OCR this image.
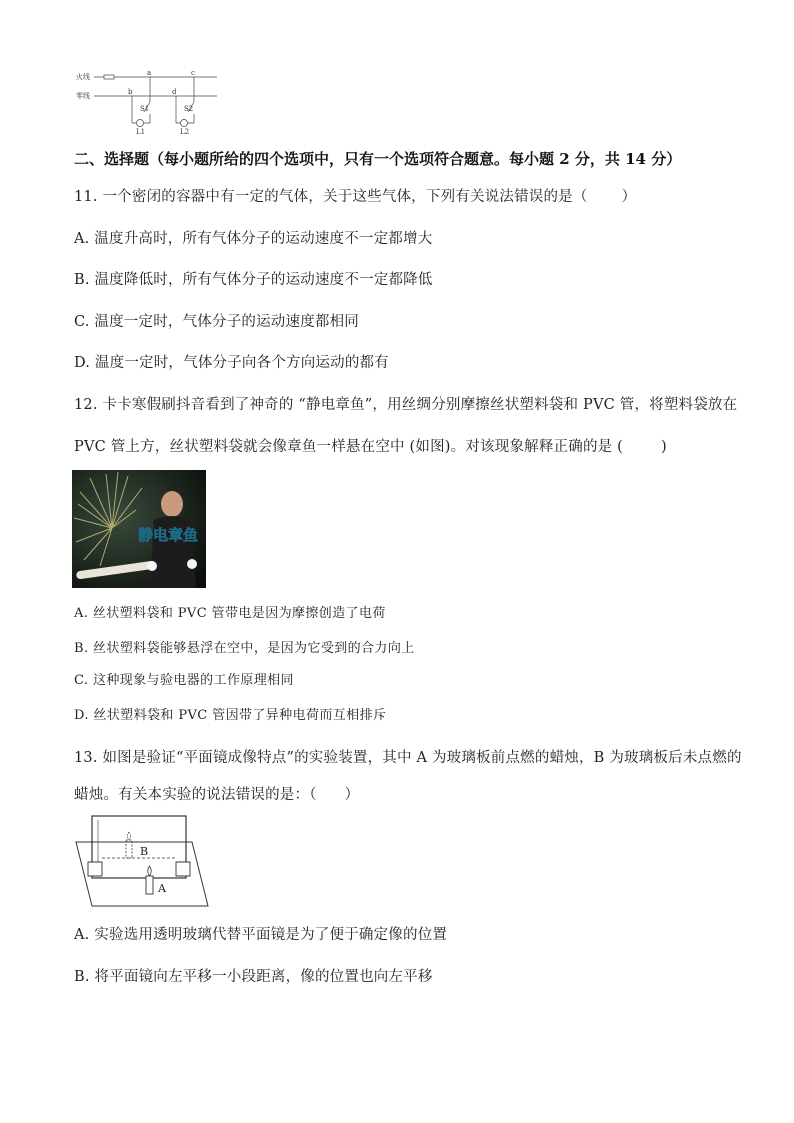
火线
零线
a
b
S1
L1
c
d
S2
L2
二、选择题（每小题所给的四个选项中，只有一个选项符合题意。每小题 2 分，共 14 分）
11. 一个密闭的容器中有一定的气体，关于这些气体，下列有关说法错误的是（ ）
A. 温度升高时，所有气体分子的运动速度不一定都增大
B. 温度降低时，所有气体分子的运动速度不一定都降低
C. 温度一定时，气体分子的运动速度都相同
D. 温度一定时，气体分子向各个方向运动的都有
12. 卡卡寒假刷抖音看到了神奇的 “静电章鱼”，用丝绸分别摩擦丝状塑料袋和 PVC 管，将塑料袋放在
PVC 管上方，丝状塑料袋就会像章鱼一样悬在空中 (如图)。对该现象解释正确的是 (	)
静电章鱼
A. 丝状塑料袋和 PVC 管带电是因为摩擦创造了电荷
B. 丝状塑料袋能够悬浮在空中，是因为它受到的合力向上
C. 这种现象与验电器的工作原理相同
D. 丝状塑料袋和 PVC 管因带了异种电荷而互相排斥
13. 如图是验证“平面镜成像特点”的实验装置，其中 A 为玻璃板前点燃的蜡烛，B 为玻璃板后未点燃的
蜡烛。有关本实验的说法错误的是：（ ）
B
A
A. 实验选用透明玻璃代替平面镜是为了便于确定像的位置
B. 将平面镜向左平移一小段距离，像的位置也向左平移
